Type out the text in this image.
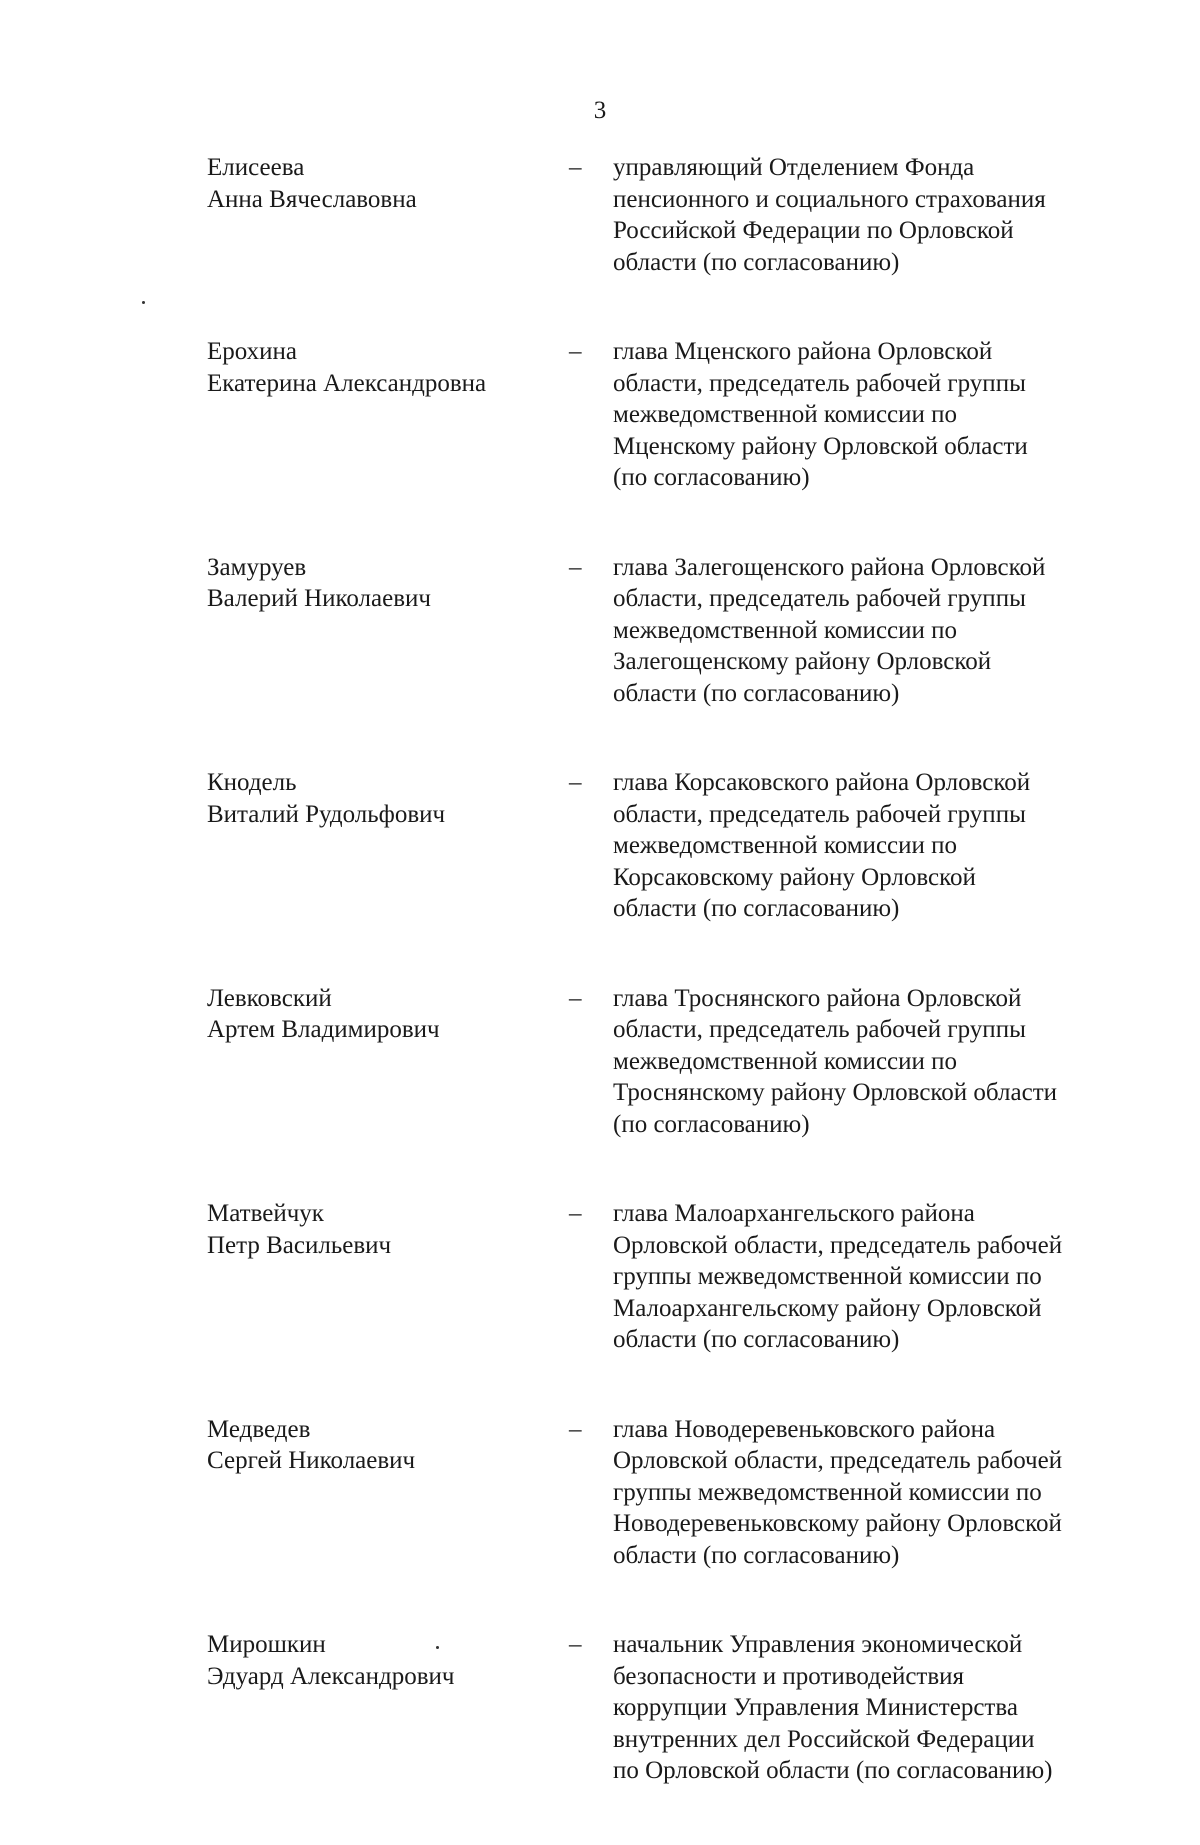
3
Елисеева
Анна Вячеславовна
– управляющий Отделением Фонда
пенсионного и социального страхования
Российской Федерации по Орловской
области (по согласованию)
Ерохина
Екатерина Александровна
– глава Мценского района Орловской
области, председатель рабочей группы
межведомственной комиссии по
Мценскому району Орловской области
(по согласованию)
Замуруев
Валерий Николаевич
– глава Залегощенского района Орловской
области, председатель рабочей группы
межведомственной комиссии по
Залегощенскому району Орловской
области (по согласованию)
Кнодель
Виталий Рудольфович
– глава Корсаковского района Орловской
области, председатель рабочей группы
межведомственной комиссии по
Корсаковскому району Орловской
области (по согласованию)
Левковский
Артем Владимирович
– глава Троснянского района Орловской
области, председатель рабочей группы
межведомственной комиссии по
Троснянскому району Орловской области
(по согласованию)
Матвейчук
Петр Васильевич
– глава Малоархангельского района
Орловской области, председатель рабочей
группы межведомственной комиссии по
Малоархангельскому району Орловской
области (по согласованию)
Медведев
Сергей Николаевич
– глава Новодеревеньковского района
Орловской области, председатель рабочей
группы межведомственной комиссии по
Новодеревеньковскому району Орловской
области (по согласованию)
Мирошкин
Эдуард Александрович
– начальник Управления экономической
безопасности и противодействия
коррупции Управления Министерства
внутренних дел Российской Федерации
по Орловской области (по согласованию)
